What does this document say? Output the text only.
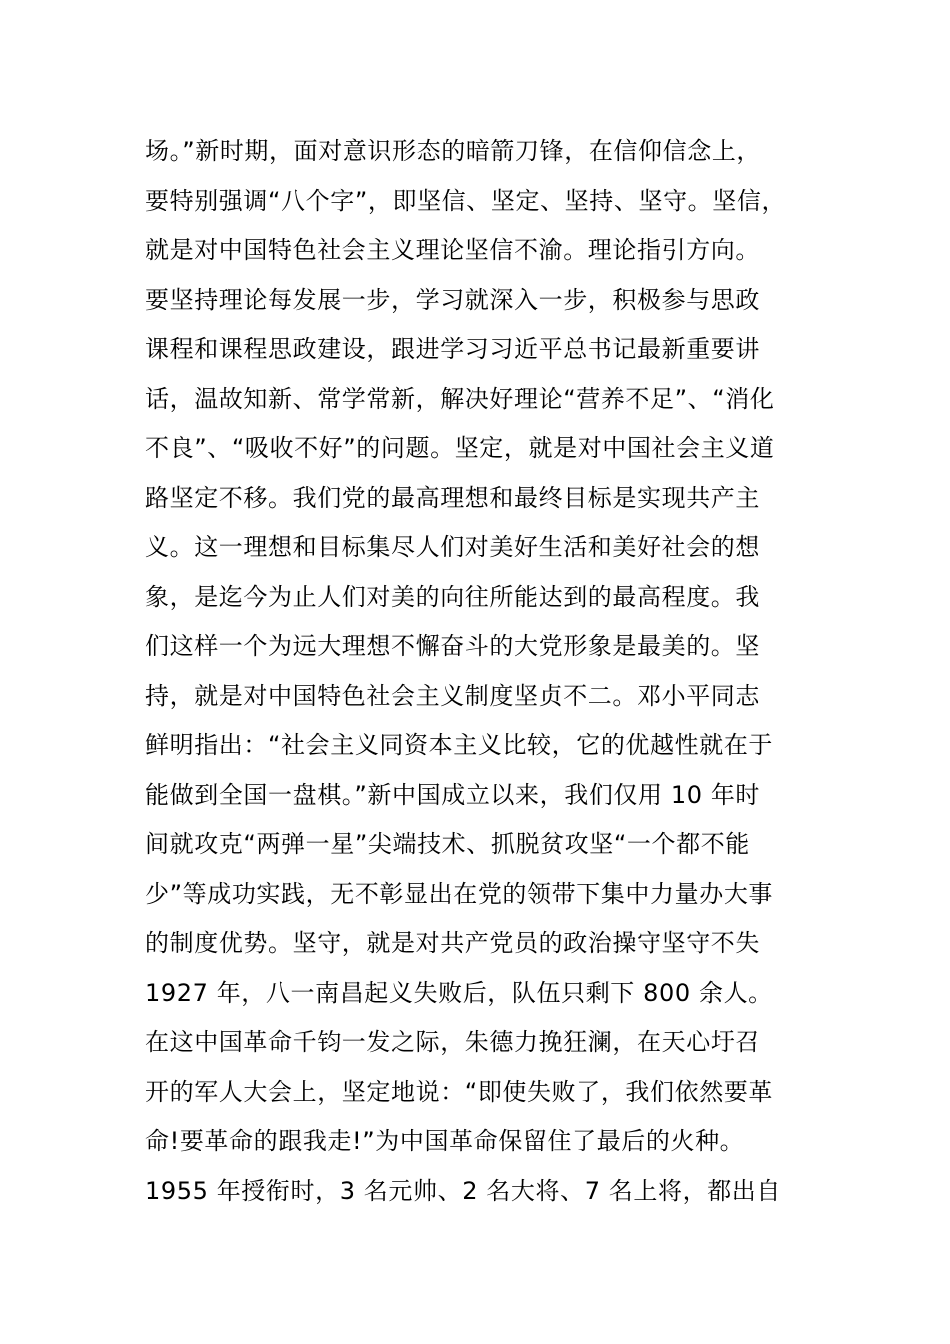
场。”新时期，面对意识形态的暗箭刀锋，在信仰信念上，
要特别强调“八个字”，即坚信、坚定、坚持、坚守。坚信，
就是对中国特色社会主义理论坚信不渝。理论指引方向。
要坚持理论每发展一步，学习就深入一步，积极参与思政
课程和课程思政建设，跟进学习习近平总书记最新重要讲
话，温故知新、常学常新，解决好理论“营养不足”、“消化
不良”、“吸收不好”的问题。坚定，就是对中国社会主义道
路坚定不移。我们党的最高理想和最终目标是实现共产主
义。这一理想和目标集尽人们对美好生活和美好社会的想
象，是迄今为止人们对美的向往所能达到的最高程度。我
们这样一个为远大理想不懈奋斗的大党形象是最美的。坚
持，就是对中国特色社会主义制度坚贞不二。邓小平同志
鲜明指出：“社会主义同资本主义比较，它的优越性就在于
能做到全国一盘棋。”新中国成立以来，我们仅用 10 年时
间就攻克“两弹一星”尖端技术、抓脱贫攻坚“一个都不能
少”等成功实践，无不彰显出在党的领带下集中力量办大事
的制度优势。坚守，就是对共产党员的政治操守坚守不失
1927 年，八一南昌起义失败后，队伍只剩下 800 余人。
在这中国革命千钧一发之际，朱德力挽狂澜，在天心圩召
开的军人大会上，坚定地说：“即使失败了，我们依然要革
命!要革命的跟我走!”为中国革命保留住了最后的火种。
1955 年授衔时，3 名元帅、2 名大将、7 名上将，都出自
